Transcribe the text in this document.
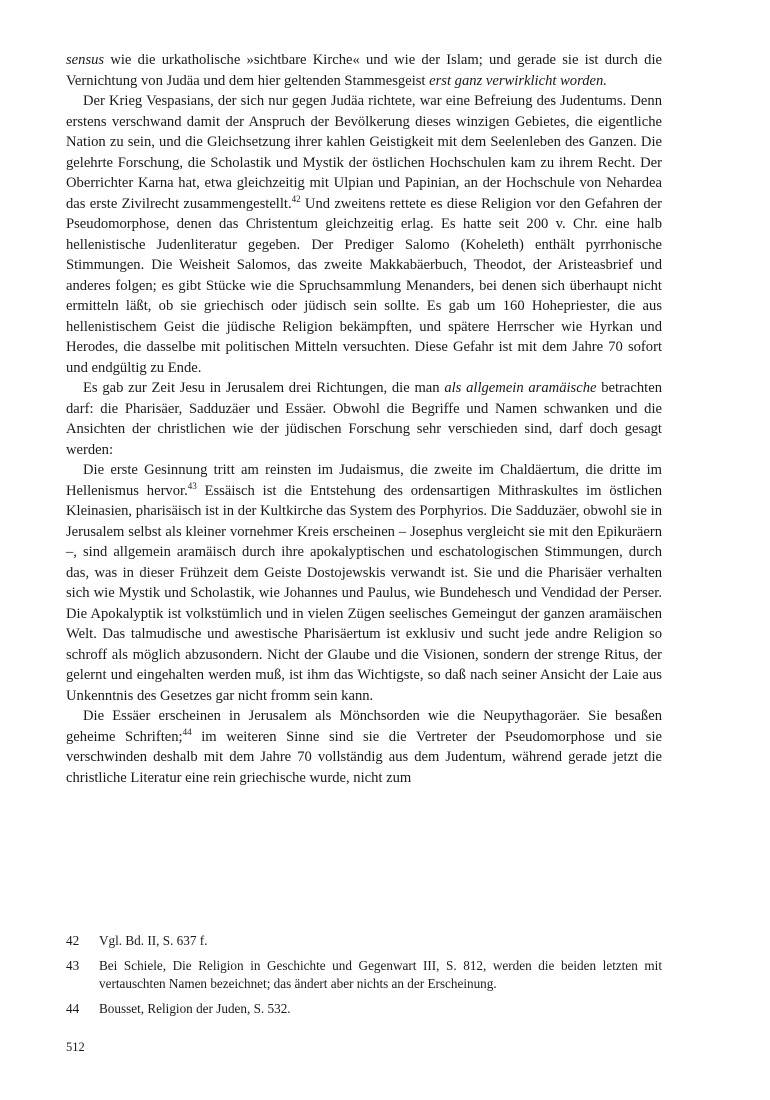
sensus wie die urkatholische »sichtbare Kirche« und wie der Islam; und gerade sie ist durch die Vernichtung von Judäa und dem hier geltenden Stammesgeist erst ganz verwirklicht worden.

Der Krieg Vespasians, der sich nur gegen Judäa richtete, war eine Befreiung des Judentums. Denn erstens verschwand damit der Anspruch der Bevölkerung dieses winzigen Gebietes, die eigentliche Nation zu sein, und die Gleichsetzung ihrer kahlen Geistigkeit mit dem Seelenleben des Ganzen. Die gelehrte Forschung, die Scholastik und Mystik der östlichen Hochschulen kam zu ihrem Recht. Der Oberrichter Karna hat, etwa gleichzeitig mit Ulpian und Papinian, an der Hochschule von Nehardea das erste Zivilrecht zusammengestellt.$^{42}$ Und zweitens rettete es diese Religion vor den Gefahren der Pseudomorphose, denen das Christentum gleichzeitig erlag. Es hatte seit 200 v. Chr. eine halb hellenistische Judenliteratur gegeben. Der Prediger Salomo (Koheleth) enthält pyrrhonische Stimmungen. Die Weisheit Salomos, das zweite Makkabäerbuch, Theodot, der Aristeasbrief und anderes folgen; es gibt Stücke wie die Spruchsammlung Menanders, bei denen sich überhaupt nicht ermitteln läßt, ob sie griechisch oder jüdisch sein sollte. Es gab um 160 Hohepriester, die aus hellenistischem Geist die jüdische Religion bekämpften, und spätere Herrscher wie Hyrkan und Herodes, die dasselbe mit politischen Mitteln versuchten. Diese Gefahr ist mit dem Jahre 70 sofort und endgültig zu Ende.

Es gab zur Zeit Jesu in Jerusalem drei Richtungen, die man als allgemein aramäische betrachten darf: die Pharisäer, Sadduzäer und Essäer. Obwohl die Begriffe und Namen schwanken und die Ansichten der christlichen wie der jüdischen Forschung sehr verschieden sind, darf doch gesagt werden:

Die erste Gesinnung tritt am reinsten im Judaismus, die zweite im Chaldäertum, die dritte im Hellenismus hervor.$^{43}$ Essäisch ist die Entstehung des ordensartigen Mithraskultes im östlichen Kleinasien, pharisäisch ist in der Kultkirche das System des Porphyrios. Die Sadduzäer, obwohl sie in Jerusalem selbst als kleiner vornehmer Kreis erscheinen – Josephus vergleicht sie mit den Epikuräern –, sind allgemein aramäisch durch ihre apokalyptischen und eschatologischen Stimmungen, durch das, was in dieser Frühzeit dem Geiste Dostojewskis verwandt ist. Sie und die Pharisäer verhalten sich wie Mystik und Scholastik, wie Johannes und Paulus, wie Bundehesch und Vendidad der Perser. Die Apokalyptik ist volkstümlich und in vielen Zügen seelisches Gemeingut der ganzen aramäischen Welt. Das talmudische und awestische Pharisäertum ist exklusiv und sucht jede andre Religion so schroff als möglich abzusondern. Nicht der Glaube und die Visionen, sondern der strenge Ritus, der gelernt und eingehalten werden muß, ist ihm das Wichtigste, so daß nach seiner Ansicht der Laie aus Unkenntnis des Gesetzes gar nicht fromm sein kann.

Die Essäer erscheinen in Jerusalem als Mönchsorden wie die Neupythagoräer. Sie besaßen geheime Schriften;$^{44}$ im weiteren Sinne sind sie die Vertreter der Pseudomorphose und sie verschwinden deshalb mit dem Jahre 70 vollständig aus dem Judentum, während gerade jetzt die christliche Literatur eine rein griechische wurde, nicht zum

42	Vgl. Bd. II, S. 637 f.
43	Bei Schiele, Die Religion in Geschichte und Gegenwart III, S. 812, werden die beiden letzten mit vertauschten Namen bezeichnet; das ändert aber nichts an der Erscheinung.
44	Bousset, Religion der Juden, S. 532.
512
